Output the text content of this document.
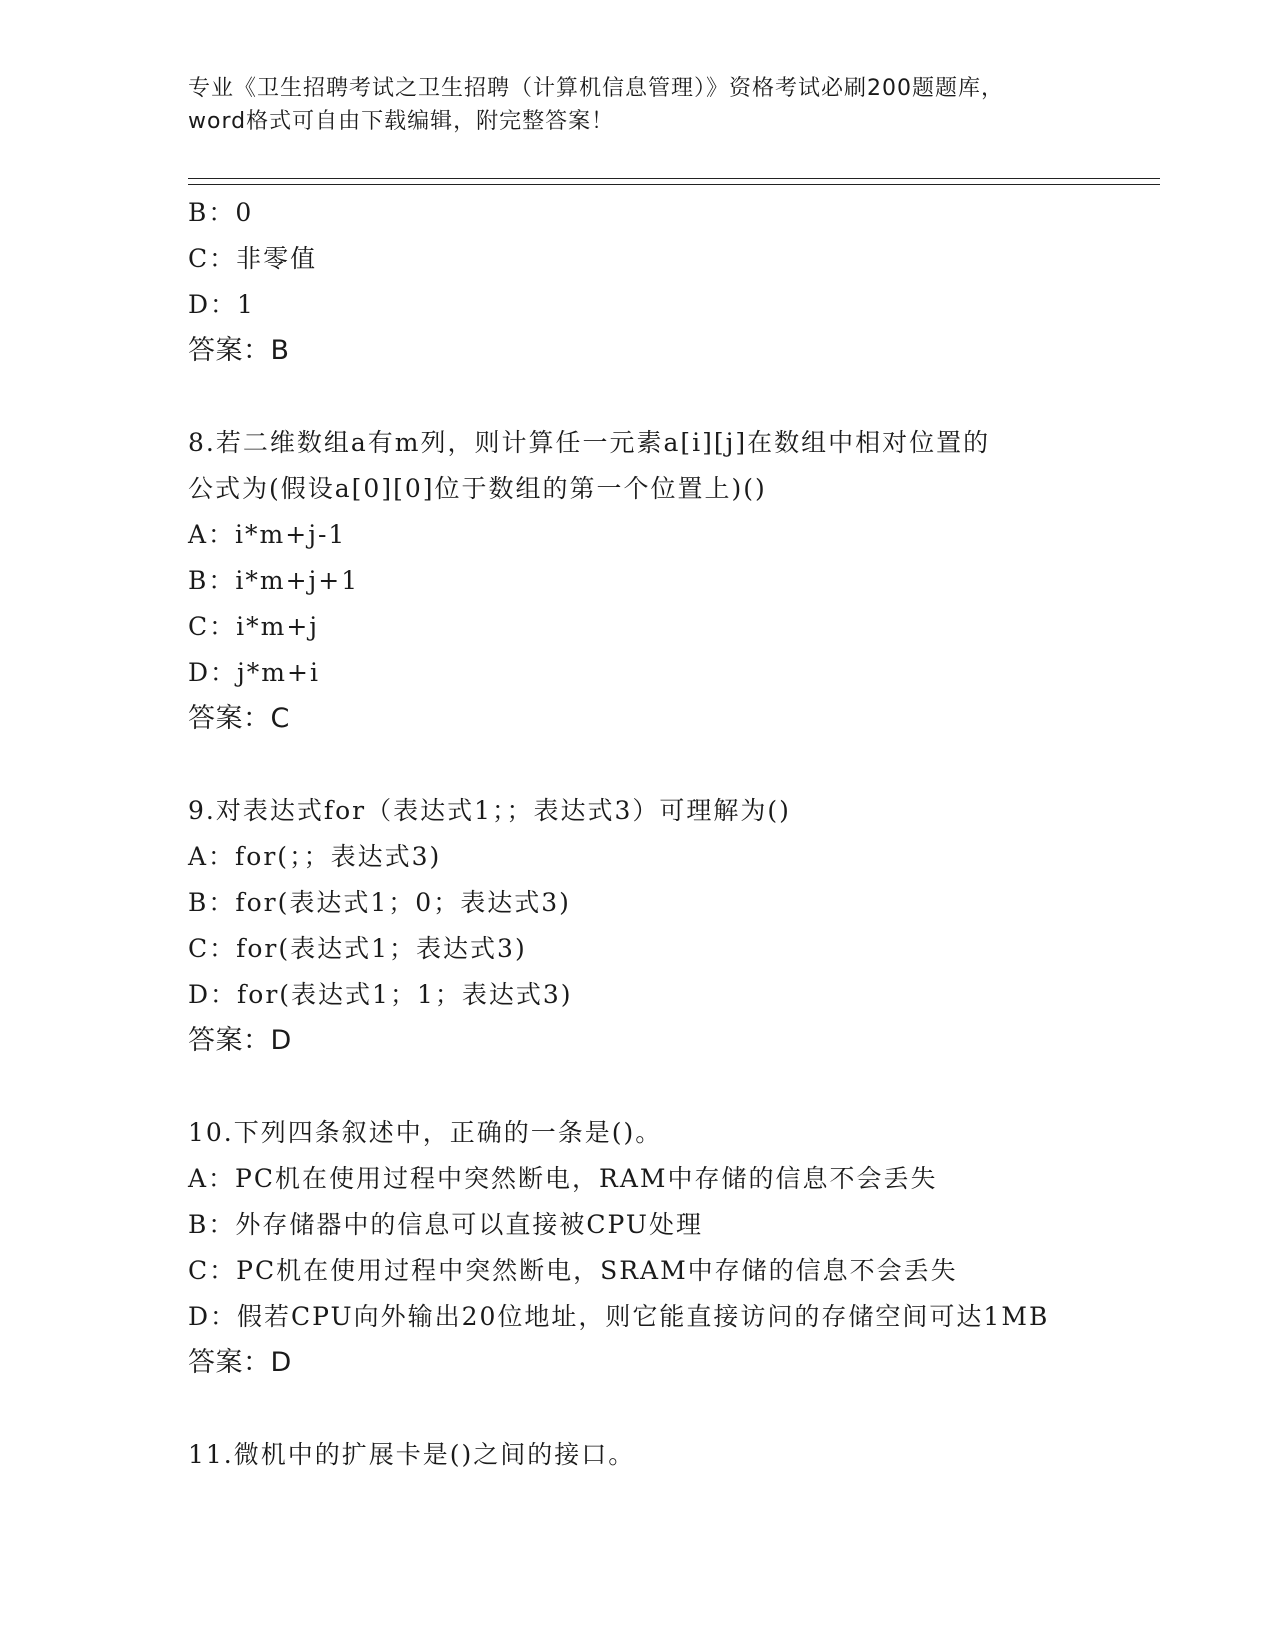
专业《卫生招聘考试之卫生招聘（计算机信息管理）》资格考试必刷200题题库，
word格式可自由下载编辑，附完整答案！
B：0
C：非零值
D：1
答案：B
8.若二维数组a有m列，则计算任一元素a[i][j]在数组中相对位置的
公式为(假设a[0][0]位于数组的第一个位置上)()
A：i*m+j-1
B：i*m+j+1
C：i*m+j
D：j*m+i
答案：C
9.对表达式for（表达式1；；表达式3）可理解为()
A：for(；；表达式3)
B：for(表达式1；0；表达式3)
C：for(表达式1；表达式3)
D：for(表达式1；1；表达式3)
答案：D
10.下列四条叙述中，正确的一条是()。
A：PC机在使用过程中突然断电，RAM中存储的信息不会丢失
B：外存储器中的信息可以直接被CPU处理
C：PC机在使用过程中突然断电，SRAM中存储的信息不会丢失
D：假若CPU向外输出20位地址，则它能直接访问的存储空间可达1MB
答案：D
11.微机中的扩展卡是()之间的接口。
